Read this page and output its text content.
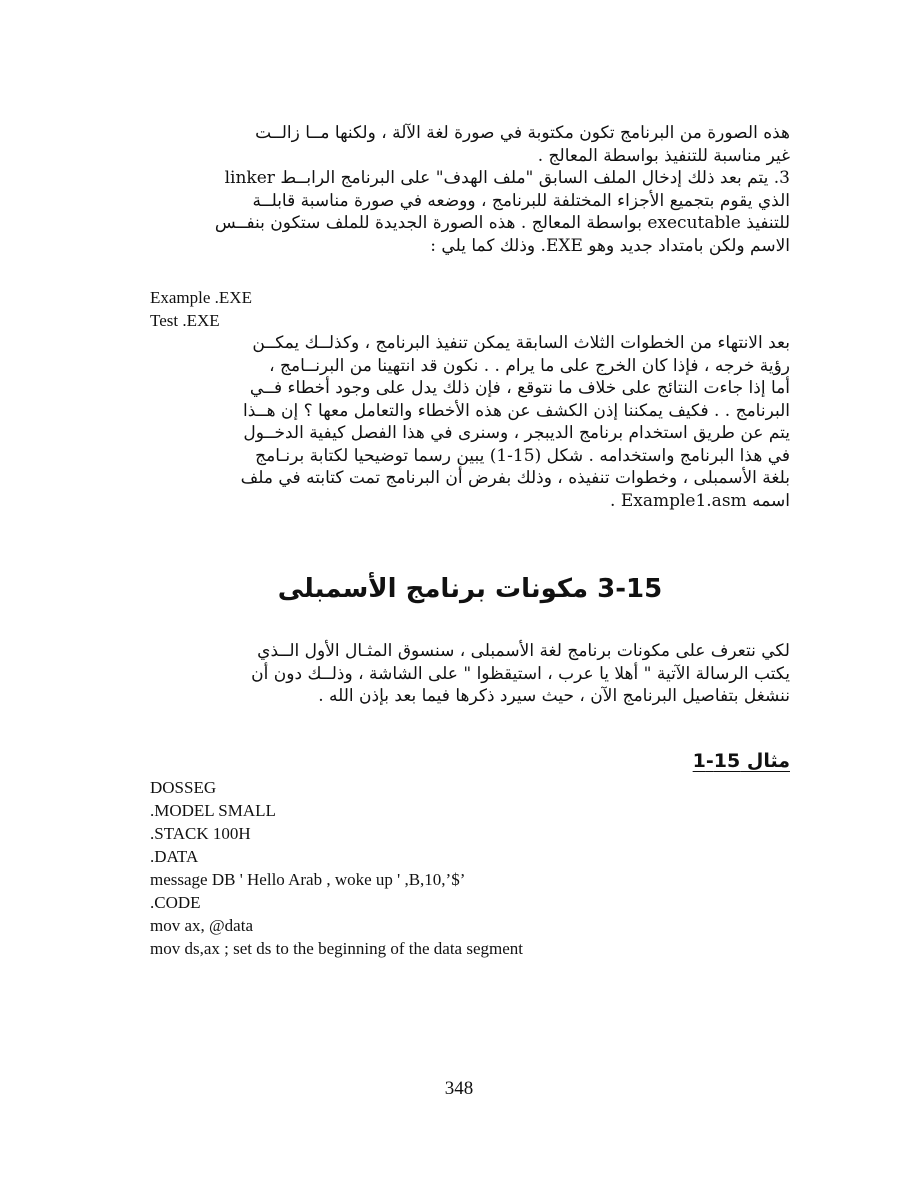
هذه الصورة من البرنامج تكون مكتوبة في صورة لغة الآلة ، ولكنها مــا زالــت

غير مناسبة للتنفيذ بواسطة المعالج .

3. يتم بعد ذلك إدخال الملف السابق "ملف الهدف" على البرنامج الرابــط linker

الذي يقوم بتجميع الأجزاء المختلفة للبرنامج ، ووضعه في صورة مناسبة قابلــة

للتنفيذ executable بواسطة المعالج . هذه الصورة الجديدة للملف ستكون بنفــس

الاسم ولكن بامتداد جديد وهو EXE. وذلك كما يلي :

Example .EXE
Test .EXE

بعد الانتهاء من الخطوات الثلاث السابقة يمكن تنفيذ البرنامج ، وكذلــك يمكــن

رؤية خرجه ، فإذا كان الخرج على ما يرام . . نكون قد انتهينا من البرنــامج ،

أما إذا جاءت النتائج على خلاف ما نتوقع ، فإن ذلك يدل على وجود أخطاء فــي

البرنامج . . فكيف يمكننا إذن الكشف عن هذه الأخطاء والتعامل معها ؟ إن هــذا

يتم عن طريق استخدام برنامج الديبجر ، وسنرى في هذا الفصل كيفية الدخــول

في هذا البرنامج واستخدامه . شكل (15-1) يبين رسما توضيحيا لكتابة برنـامج

بلغة الأسمبلى ، وخطوات تنفيذه ، وذلك بفرض أن البرنامج تمت كتابته في ملف

اسمه Example1.asm .

3-15 مكونات برنامج الأسمبلى

لكي نتعرف على مكونات برنامج لغة الأسمبلى ، سنسوق المثـال الأول الــذي

يكتب الرسالة الآتية " أهلا يا عرب ، استيقظوا " على الشاشة ، وذلــك دون أن

ننشغل بتفاصيل البرنامج الآن ، حيث سيرد ذكرها فيما بعد بإذن الله .

مثال 15-1
DOSSEG
.MODEL SMALL
.STACK 100H
.DATA
message DB ' Hello Arab , woke up ' ,B,10,’$’
.CODE
mov ax, @data
mov ds,ax ; set ds to the beginning of the data segment
348
